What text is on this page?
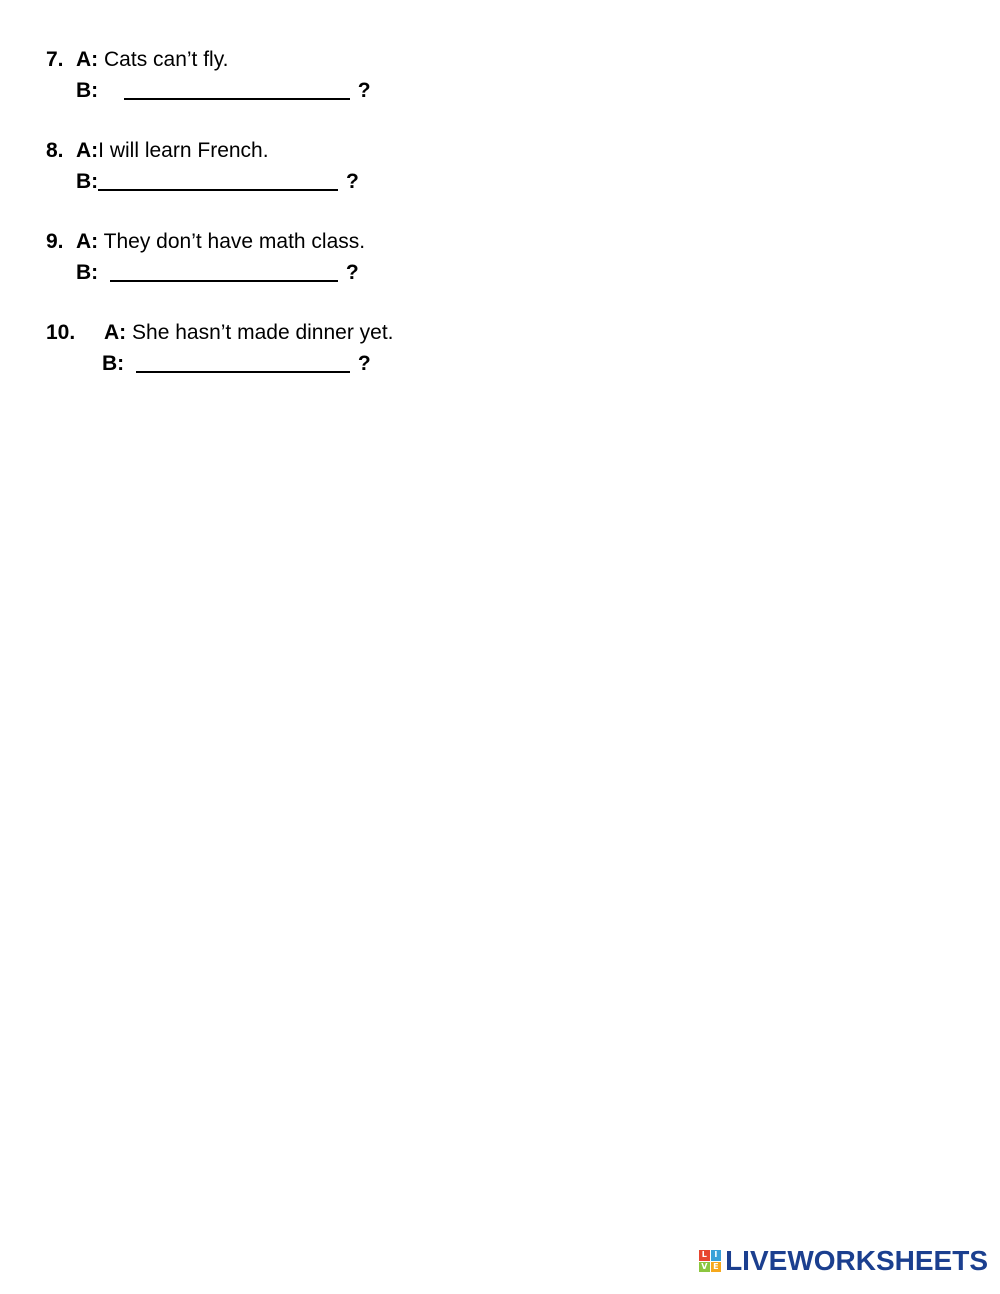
7. A: Cats can’t fly.
B:	?
8. A:I will learn French.
B:	?
9. A: They don’t have math class.
B:	?
10. A: She hasn’t made dinner yet.
B:	?
L I
V E LIVEWORKSHEETS
